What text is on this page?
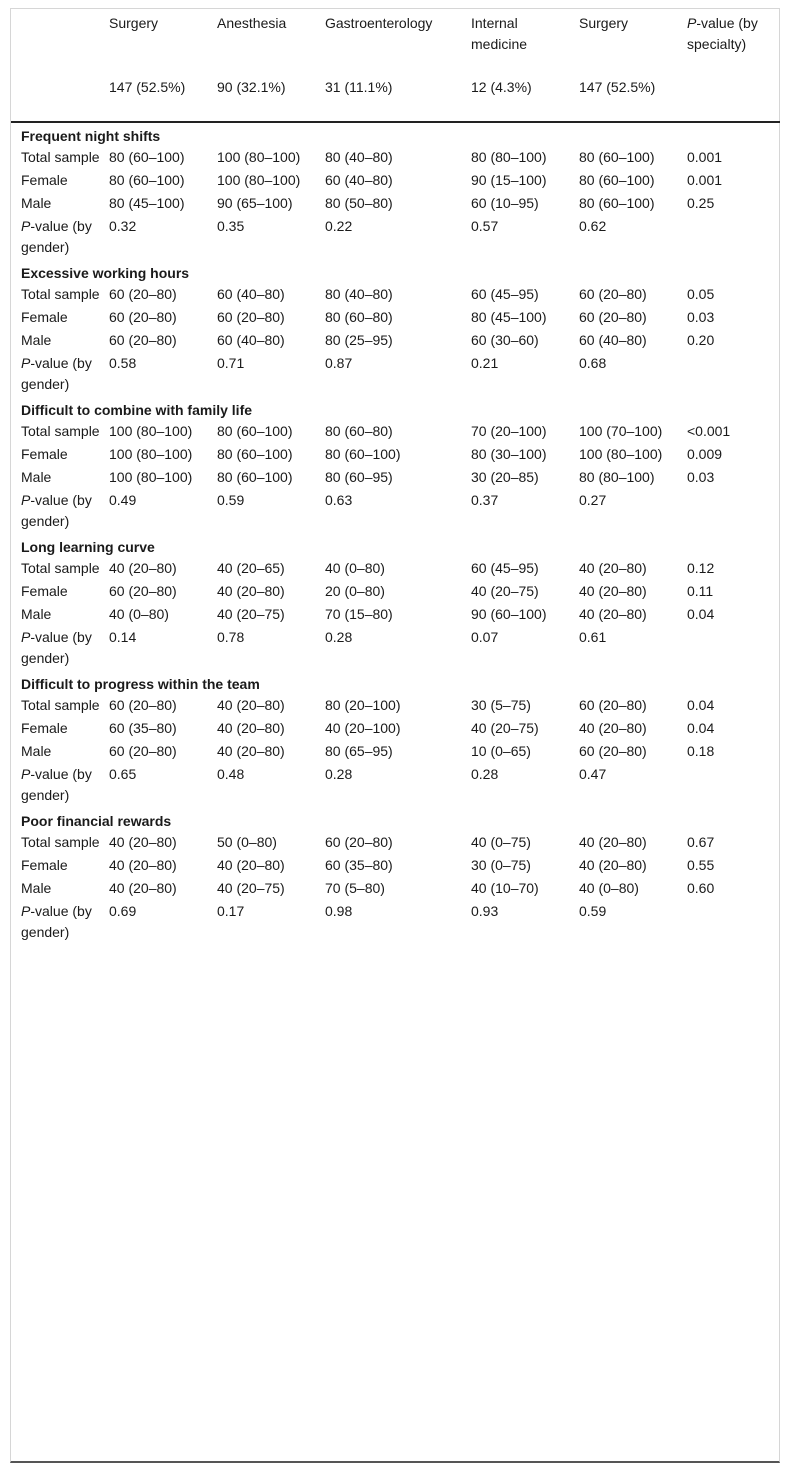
	Surgery	Anesthesia	Gastroenterology	Internal medicine	Surgery	P-value (by specialty)
	147 (52.5%)	90 (32.1%)	31 (11.1%)	12 (4.3%)	147 (52.5%)	
Frequent night shifts						
Total sample	80 (60–100)	100 (80–100)	80 (40–80)	80 (80–100)	80 (60–100)	0.001
Female	80 (60–100)	100 (80–100)	60 (40–80)	90 (15–100)	80 (60–100)	0.001
Male	80 (45–100)	90 (65–100)	80 (50–80)	60 (10–95)	80 (60–100)	0.25
P-value (by gender)	0.32	0.35	0.22	0.57	0.62	
Excessive working hours						
Total sample	60 (20–80)	60 (40–80)	80 (40–80)	60 (45–95)	60 (20–80)	0.05
Female	60 (20–80)	60 (20–80)	80 (60–80)	80 (45–100)	60 (20–80)	0.03
Male	60 (20–80)	60 (40–80)	80 (25–95)	60 (30–60)	60 (40–80)	0.20
P-value (by gender)	0.58	0.71	0.87	0.21	0.68	
Difficult to combine with family life						
Total sample	100 (80–100)	80 (60–100)	80 (60–80)	70 (20–100)	100 (70–100)	<0.001
Female	100 (80–100)	80 (60–100)	80 (60–100)	80 (30–100)	100 (80–100)	0.009
Male	100 (80–100)	80 (60–100)	80 (60–95)	30 (20–85)	80 (80–100)	0.03
P-value (by gender)	0.49	0.59	0.63	0.37	0.27	
Long learning curve						
Total sample	40 (20–80)	40 (20–65)	40 (0–80)	60 (45–95)	40 (20–80)	0.12
Female	60 (20–80)	40 (20–80)	20 (0–80)	40 (20–75)	40 (20–80)	0.11
Male	40 (0–80)	40 (20–75)	70 (15–80)	90 (60–100)	40 (20–80)	0.04
P-value (by gender)	0.14	0.78	0.28	0.07	0.61	
Difficult to progress within the team						
Total sample	60 (20–80)	40 (20–80)	80 (20–100)	30 (5–75)	60 (20–80)	0.04
Female	60 (35–80)	40 (20–80)	40 (20–100)	40 (20–75)	40 (20–80)	0.04
Male	60 (20–80)	40 (20–80)	80 (65–95)	10 (0–65)	60 (20–80)	0.18
P-value (by gender)	0.65	0.48	0.28	0.28	0.47	
Poor financial rewards						
Total sample	40 (20–80)	50 (0–80)	60 (20–80)	40 (0–75)	40 (20–80)	0.67
Female	40 (20–80)	40 (20–80)	60 (35–80)	30 (0–75)	40 (20–80)	0.55
Male	40 (20–80)	40 (20–75)	70 (5–80)	40 (10–70)	40 (0–80)	0.60
P-value (by gender)	0.69	0.17	0.98	0.93	0.59	
